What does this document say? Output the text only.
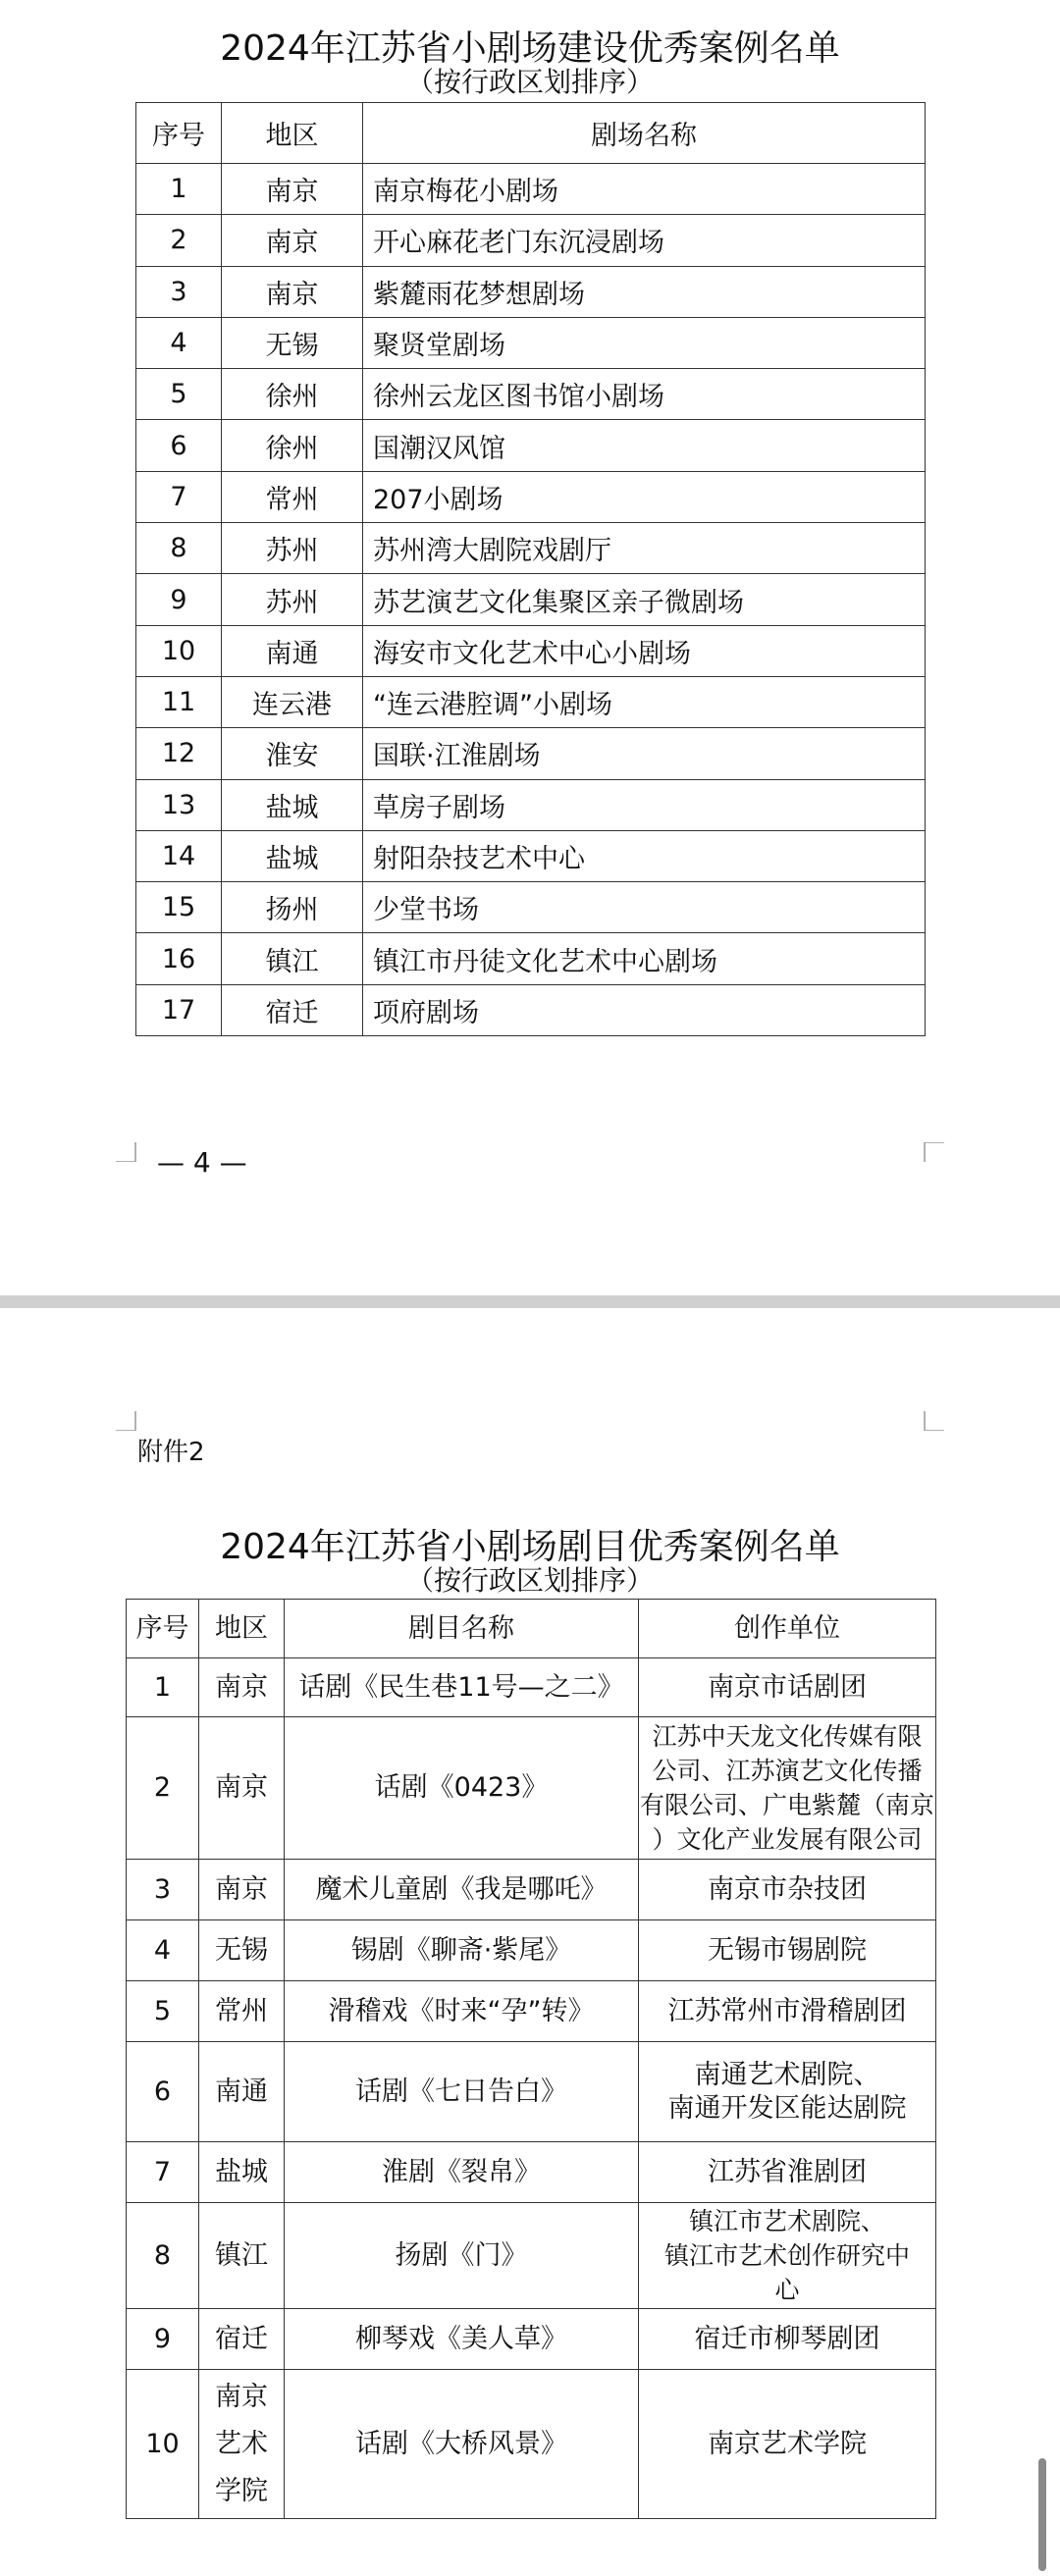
2024年江苏省小剧场建设优秀案例名单
（按行政区划排序）
序号	地区	剧场名称
1	南京	南京梅花小剧场
2	南京	开心麻花老门东沉浸剧场
3	南京	紫麓雨花梦想剧场
4	无锡	聚贤堂剧场
5	徐州	徐州云龙区图书馆小剧场
6	徐州	国潮汉风馆
7	常州	207小剧场
8	苏州	苏州湾大剧院戏剧厅
9	苏州	苏艺演艺文化集聚区亲子微剧场
10	南通	海安市文化艺术中心小剧场
11	连云港	“连云港腔调”小剧场
12	淮安	国联·江淮剧场
13	盐城	草房子剧场
14	盐城	射阳杂技艺术中心
15	扬州	少堂书场
16	镇江	镇江市丹徒文化艺术中心剧场
17	宿迁	项府剧场
— 4 —
附件2
2024年江苏省小剧场剧目优秀案例名单
（按行政区划排序）
序号	地区	剧目名称	创作单位
1	南京	话剧《民生巷11号—之二》	南京市话剧团

2	南京	话剧《0423》	江苏中天龙文化传媒有限
公司、江苏演艺文化传播
有限公司、广电紫麓（南京
）文化产业发展有限公司

3	南京	魔术儿童剧《我是哪吒》	南京市杂技团

4	无锡	锡剧《聊斋·紫尾》	无锡市锡剧院

5	常州	滑稽戏《时来“孕”转》	江苏常州市滑稽剧团

6	南通	话剧《七日告白》	南通艺术剧院、
南通开发区能达剧院

7	盐城	淮剧《裂帛》	江苏省淮剧团

8	镇江	扬剧《门》	镇江市艺术剧院、
镇江市艺术创作研究中
心

9	宿迁	柳琴戏《美人草》	宿迁市柳琴剧团

10	南京
艺术
学院	话剧《大桥风景》	南京艺术学院
